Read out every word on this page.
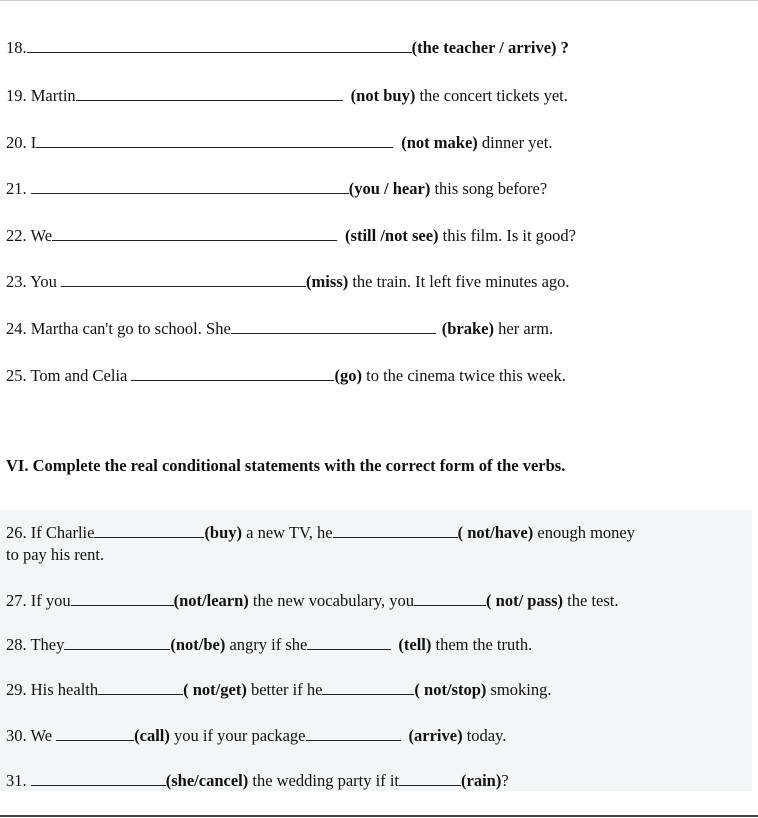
18.	(the teacher / arrive) ?
19. Martin	(not buy) the concert tickets yet.
20. I	(not make) dinner yet.
21.	(you / hear) this song before?
22. We	(still /not see) this film. Is it good?
23. You	(miss) the train. It left five minutes ago.
24. Martha can't go to school. She	(brake) her arm.
25. Tom and Celia	(go) to the cinema twice this week.
VI. Complete the real conditional statements with the correct form of the verbs.
26. If Charlie	(buy) a new TV, he	( not/have) enough money
to pay his rent.
27. If you	(not/learn) the new vocabulary, you	( not/ pass) the test.
28. They	(not/be) angry if she	(tell) them the truth.
29. His health	( not/get) better if he	( not/stop) smoking.
30. We	(call) you if your package	(arrive) today.
31.	(she/cancel) the wedding party if it	(rain)?
